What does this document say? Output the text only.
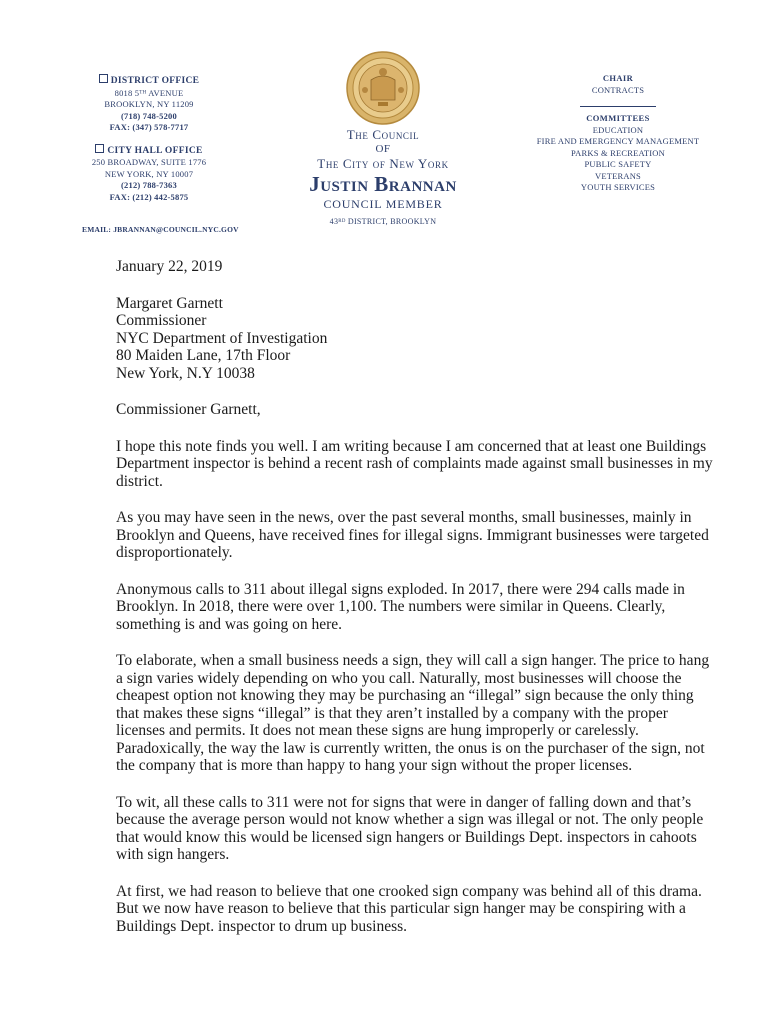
DISTRICT OFFICE
8018 5ᵀᴴ AVENUE
BROOKLYN, NY 11209
(718) 748-5200
FAX: (347) 578-7717
CITY HALL OFFICE
250 BROADWAY, SUITE 1776
NEW YORK, NY 10007
(212) 788-7363
FAX: (212) 442-5875
EMAIL: JBRANNAN@COUNCIL.NYC.GOV
The Council
OF
The City of New York
Justin Brannan
COUNCIL MEMBER
43ᴿᴰ DISTRICT, BROOKLYN
CHAIR
CONTRACTS
COMMITTEES
EDUCATION
FIRE AND EMERGENCY MANAGEMENT
PARKS & RECREATION
PUBLIC SAFETY
VETERANS
YOUTH SERVICES

January 22, 2019

Margaret Garnett

Commissioner

NYC Department of Investigation

80 Maiden Lane, 17th Floor

New York, N.Y 10038

Commissioner Garnett,

I hope this note finds you well. I am writing because I am concerned that at least one Buildings Department inspector is behind a recent rash of complaints made against small businesses in my district.

As you may have seen in the news, over the past several months, small businesses, mainly in Brooklyn and Queens, have received fines for illegal signs. Immigrant businesses were targeted disproportionately.

Anonymous calls to 311 about illegal signs exploded. In 2017, there were 294 calls made in Brooklyn. In 2018, there were over 1,100. The numbers were similar in Queens. Clearly, something is and was going on here.

To elaborate, when a small business needs a sign, they will call a sign hanger. The price to hang a sign varies widely depending on who you call. Naturally, most businesses will choose the cheapest option not knowing they may be purchasing an “illegal” sign because the only thing that makes these signs “illegal” is that they aren’t installed by a company with the proper licenses and permits. It does not mean these signs are hung improperly or carelessly. Paradoxically, the way the law is currently written, the onus is on the purchaser of the sign, not the company that is more than happy to hang your sign without the proper licenses.

To wit, all these calls to 311 were not for signs that were in danger of falling down and that’s because the average person would not know whether a sign was illegal or not. The only people that would know this would be licensed sign hangers or Buildings Dept. inspectors in cahoots with sign hangers.

At first, we had reason to believe that one crooked sign company was behind all of this drama. But we now have reason to believe that this particular sign hanger may be conspiring with a Buildings Dept. inspector to drum up business.
